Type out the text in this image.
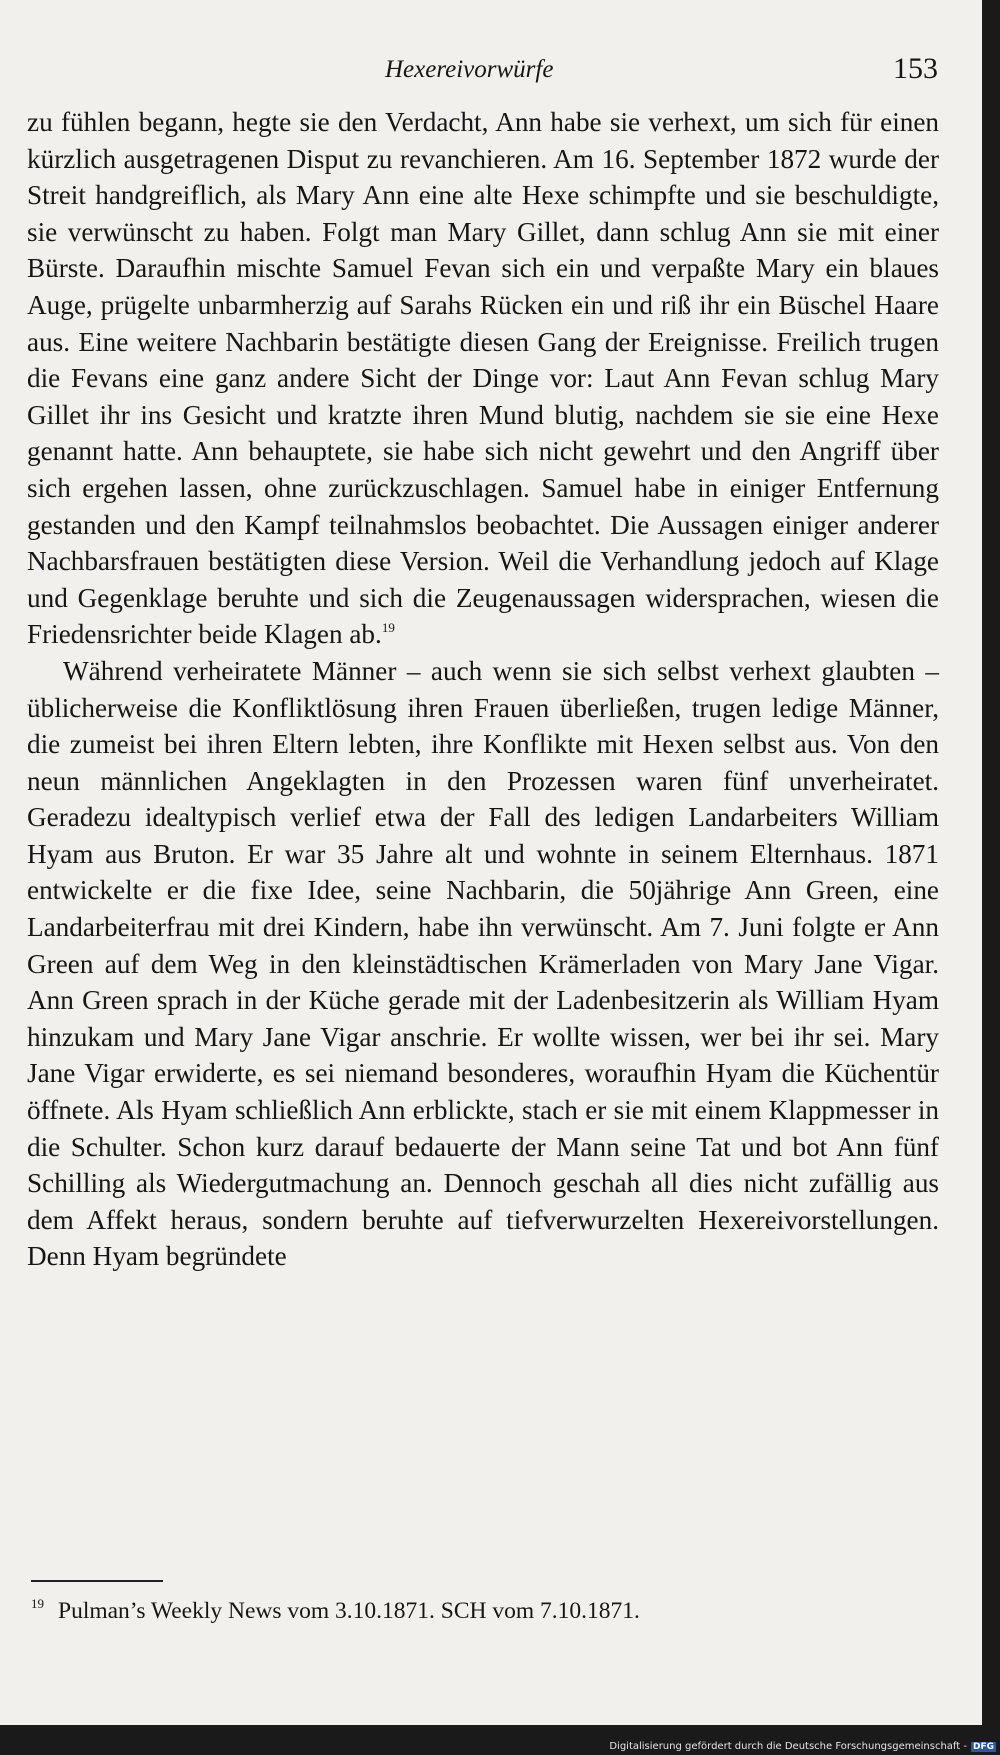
Hexereivorwürfe	153

zu fühlen begann, hegte sie den Verdacht, Ann habe sie verhext, um sich für einen kürzlich ausgetragenen Disput zu revanchieren. Am 16. September 1872 wurde der Streit handgreiflich, als Mary Ann eine alte Hexe schimpfte und sie beschuldigte, sie verwünscht zu haben. Folgt man Mary Gillet, dann schlug Ann sie mit einer Bürste. Daraufhin mischte Samuel Fevan sich ein und verpaßte Mary ein blaues Auge, prügelte unbarmherzig auf Sarahs Rücken ein und riß ihr ein Büschel Haare aus. Eine weitere Nachbarin bestätigte diesen Gang der Ereignisse. Freilich trugen die Fevans eine ganz andere Sicht der Dinge vor: Laut Ann Fevan schlug Mary Gillet ihr ins Gesicht und kratzte ihren Mund blutig, nachdem sie sie eine Hexe genannt hatte. Ann behauptete, sie habe sich nicht gewehrt und den Angriff über sich ergehen lassen, ohne zurückzuschlagen. Samuel habe in einiger Entfernung gestanden und den Kampf teilnahmslos beobachtet. Die Aussagen einiger anderer Nachbarsfrauen bestätigten diese Version. Weil die Verhandlung jedoch auf Klage und Gegenklage beruhte und sich die Zeugenaussagen widersprachen, wiesen die Friedensrichter beide Klagen ab.$^{19}$

Während verheiratete Männer – auch wenn sie sich selbst verhext glaubten – üblicherweise die Konfliktlösung ihren Frauen überließen, trugen ledige Männer, die zumeist bei ihren Eltern lebten, ihre Konflikte mit Hexen selbst aus. Von den neun männlichen Angeklagten in den Prozessen waren fünf unverheiratet. Geradezu idealtypisch verlief etwa der Fall des ledigen Landarbeiters William Hyam aus Bruton. Er war 35 Jahre alt und wohnte in seinem Elternhaus. 1871 entwickelte er die fixe Idee, seine Nachbarin, die 50jährige Ann Green, eine Landarbeiterfrau mit drei Kindern, habe ihn verwünscht. Am 7. Juni folgte er Ann Green auf dem Weg in den kleinstädtischen Krämerladen von Mary Jane Vigar. Ann Green sprach in der Küche gerade mit der Ladenbesitzerin als William Hyam hinzukam und Mary Jane Vigar anschrie. Er wollte wissen, wer bei ihr sei. Mary Jane Vigar erwiderte, es sei niemand besonderes, woraufhin Hyam die Küchentür öffnete. Als Hyam schließlich Ann erblickte, stach er sie mit einem Klappmesser in die Schulter. Schon kurz darauf bedauerte der Mann seine Tat und bot Ann fünf Schilling als Wiedergutmachung an. Dennoch geschah all dies nicht zufällig aus dem Affekt heraus, sondern beruhte auf tiefverwurzelten Hexereivorstellungen. Denn Hyam begründete

$^{19}$ Pulman’s Weekly News vom 3.10.1871. SCH vom 7.10.1871.
Digitalisierung gefördert durch die Deutsche Forschungsgemeinschaft - DFG
